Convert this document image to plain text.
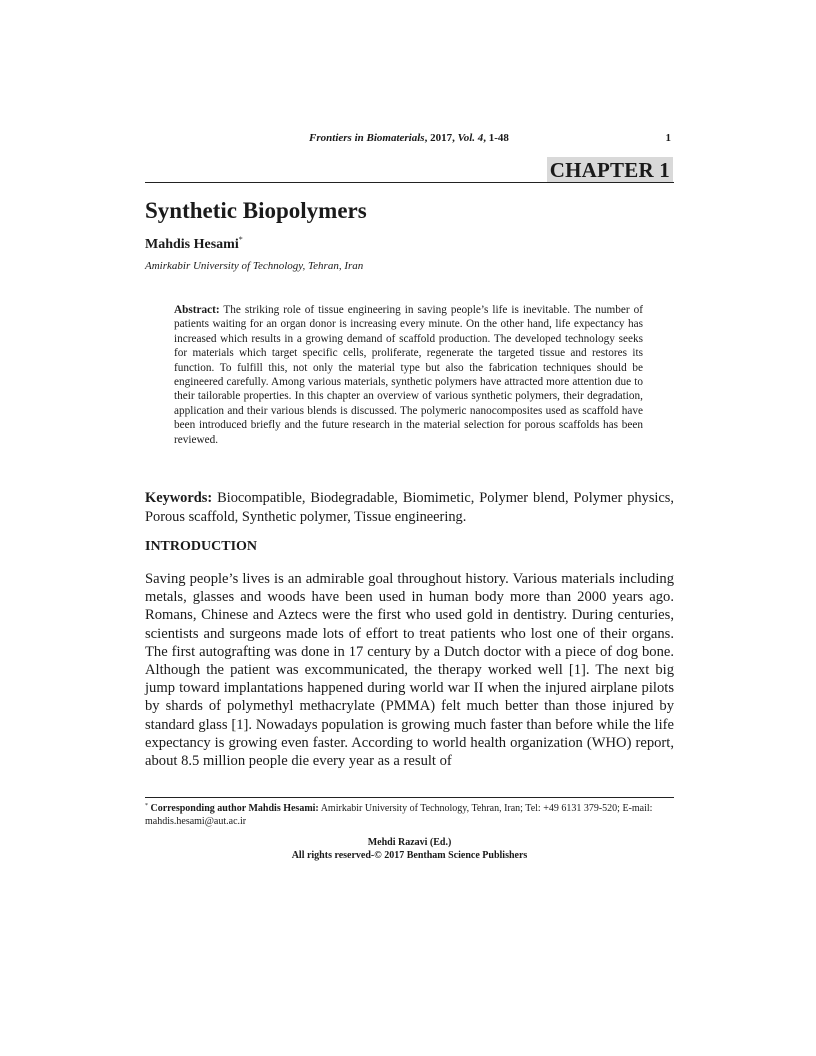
Frontiers in Biomaterials, 2017, Vol. 4, 1-48	1
CHAPTER 1
Synthetic Biopolymers
Mahdis Hesami*
Amirkabir University of Technology, Tehran, Iran
Abstract: The striking role of tissue engineering in saving people’s life is inevitable. The number of patients waiting for an organ donor is increasing every minute. On the other hand, life expectancy has increased which results in a growing demand of scaffold production. The developed technology seeks for materials which target specific cells, proliferate, regenerate the targeted tissue and restores its function. To fulfill this, not only the material type but also the fabrication techniques should be engineered carefully. Among various materials, synthetic polymers have attracted more attention due to their tailorable properties. In this chapter an overview of various synthetic polymers, their degradation, application and their various blends is discussed. The polymeric nanocomposites used as scaffold have been introduced briefly and the future research in the material selection for porous scaffolds has been reviewed.
Keywords: Biocompatible, Biodegradable, Biomimetic, Polymer blend, Polymer physics, Porous scaffold, Synthetic polymer, Tissue engineering.
INTRODUCTION

Saving people’s lives is an admirable goal throughout history. Various materials including metals, glasses and woods have been used in human body more than 2000 years ago. Romans, Chinese and Aztecs were the first who used gold in dentistry. During centuries, scientists and surgeons made lots of effort to treat patients who lost one of their organs. The first autografting was done in 17 century by a Dutch doctor with a piece of dog bone. Although the patient was excommunicated, the therapy worked well [1]. The next big jump toward implantations happened during world war II when the injured airplane pilots by shards of polymethyl methacrylate (PMMA) felt much better than those injured by standard glass [1]. Nowadays population is growing much faster than before while the life expectancy is growing even faster. According to world health organization (WHO) report, about 8.5 million people die every year as a result of

* Corresponding author Mahdis Hesami: Amirkabir University of Technology, Tehran, Iran; Tel: +49 6131 379-520; E-mail: mahdis.hesami@aut.ac.ir
Mehdi Razavi (Ed.)
All rights reserved-© 2017 Bentham Science Publishers
